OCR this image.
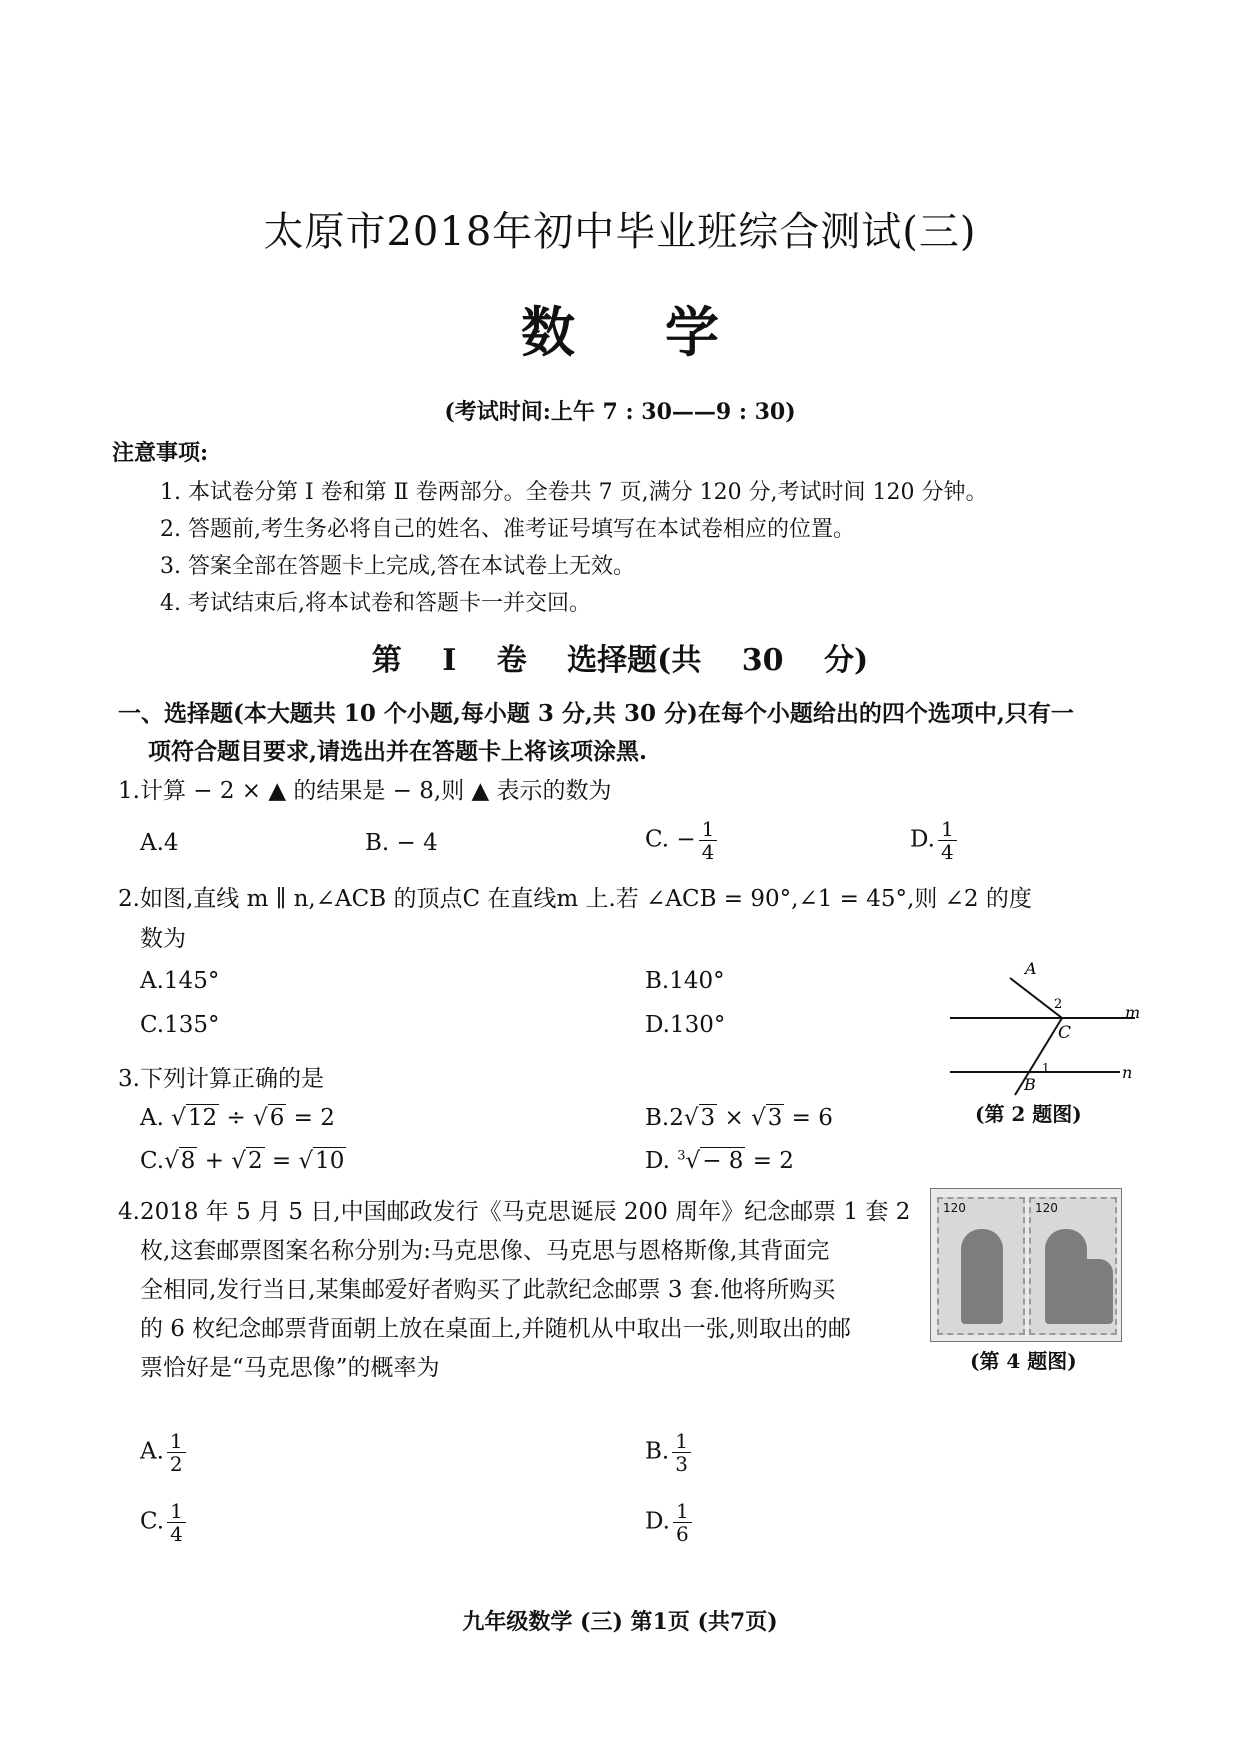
太原市2018年初中毕业班综合测试(三)
数学
(考试时间:上午 7 : 30——9 : 30)
注意事项:
1. 本试卷分第 Ⅰ 卷和第 Ⅱ 卷两部分。全卷共 7 页,满分 120 分,考试时间 120 分钟。
2. 答题前,考生务必将自己的姓名、准考证号填写在本试卷相应的位置。
3. 答案全部在答题卡上完成,答在本试卷上无效。
4. 考试结束后,将本试卷和答题卡一并交回。
第 Ⅰ 卷 选择题(共 30 分)
一、选择题(本大题共 10 个小题,每小题 3 分,共 30 分)在每个小题给出的四个选项中,只有一
项符合题目要求,请选出并在答题卡上将该项涂黑.
1.计算 − 2 × ▲ 的结果是 − 8,则 ▲ 表示的数为
A.4	B. − 4	C. − $\frac{1}{4}$	D. $\frac{1}{4}$
2.如图,直线 m ∥ n,∠ACB 的顶点C 在直线m 上.若 ∠ACB = 90°,∠1 = 45°,则 ∠2 的度
数为
A.145°	B.140°
C.135°	D.130°
A
2
C
m
1
B
n
(第 2 题图)
3.下列计算正确的是
A. √12 ÷ √6 = 2	B.2√3 × √3 = 6
C.√8 + √2 = √10	D. $^3$√− 8 = 2
4.2018 年 5 月 5 日,中国邮政发行《马克思诞辰 200 周年》纪念邮票 1 套 2
枚,这套邮票图案名称分别为:马克思像、马克思与恩格斯像,其背面完
全相同,发行当日,某集邮爱好者购买了此款纪念邮票 3 套.他将所购买
的 6 枚纪念邮票背面朝上放在桌面上,并随机从中取出一张,则取出的邮
票恰好是“马克思像”的概率为
120	120
(第 4 题图)
A. $\frac{1}{2}$	B. $\frac{1}{3}$
C. $\frac{1}{4}$	D. $\frac{1}{6}$
九年级数学 (三) 第1页 (共7页)
